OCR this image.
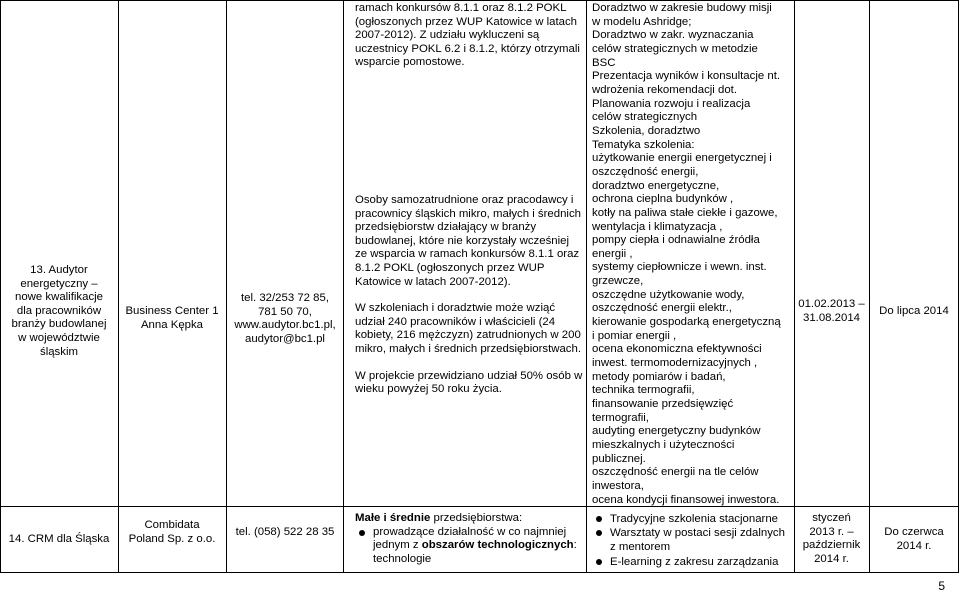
13. Audytor energetyczny – nowe kwalifikacje dla pracowników branży budowlanej w województwie śląskim
Business Center 1 Anna Kępka
tel. 32/253 72 85, 781 50 70, www.audytor.bc1.pl, audytor@bc1.pl

ramach konkursów 8.1.1 oraz 8.1.2 POKL (ogłoszonych przez WUP Katowice w latach 2007-2012). Z udziału wykluczeni są uczestnicy POKL 6.2 i 8.1.2, którzy otrzymali wsparcie pomostowe.

Osoby samozatrudnione oraz pracodawcy i pracownicy śląskich mikro, małych i średnich przedsiębiorstw działający w branży budowlanej, które nie korzystały wcześniej ze wsparcia w ramach konkursów 8.1.1 oraz 8.1.2 POKL (ogłoszonych przez WUP Katowice w latach 2007-2012).

W szkoleniach i doradztwie może wziąć udział 240 pracowników i właścicieli (24 kobiety, 216 mężczyzn) zatrudnionych w 200 mikro, małych i średnich przedsiębiorstwach.

W projekcie przewidziano udział 50% osób w wieku powyżej 50 roku życia.

Doradztwo w zakresie budowy misji
w modelu Ashridge;
Doradztwo w zakr. wyznaczania
celów strategicznych w metodzie
BSC
Prezentacja wyników i konsultacje nt.
wdrożenia rekomendacji dot.
Planowania rozwoju i realizacja
celów strategicznych
Szkolenia, doradztwo
Tematyka szkolenia:
użytkowanie energii energetycznej i
oszczędność energii,
doradztwo energetyczne,
ochrona cieplna budynków ,
kotły na paliwa stałe ciekłe i gazowe,
wentylacja i klimatyzacja ,
pompy ciepła i odnawialne źródła
energii ,
systemy ciepłownicze i wewn. inst.
grzewcze,
oszczędne użytkowanie wody,
oszczędność energii elektr.,
kierowanie gospodarką energetyczną
i pomiar energii ,
ocena ekonomiczna efektywności
inwest. termomodernizacyjnych ,
metody pomiarów i badań,
technika termografii,
finansowanie przedsięwzięć
termografii,
audyting energetyczny budynków
mieszkalnych i użyteczności
publicznej.
oszczędność energii na tle celów
inwestora,
ocena kondycji finansowej inwestora.
01.02.2013 – 31.08.2014
Do lipca 2014
14. CRM dla Śląska
Combidata Poland Sp. z o.o.
tel. (058) 522 28 35

Małe i średnie przedsiębiorstwa:

prowadzące działalność w co najmniej jednym z obszarów technologicznych: technologie

Tradycyjne szkolenia stacjonarne
Warsztaty w postaci sesji zdalnych z mentorem
E-learning z zakresu zarządzania
styczeń 2013 r. – październik 2014 r.
Do czerwca 2014 r.
5
